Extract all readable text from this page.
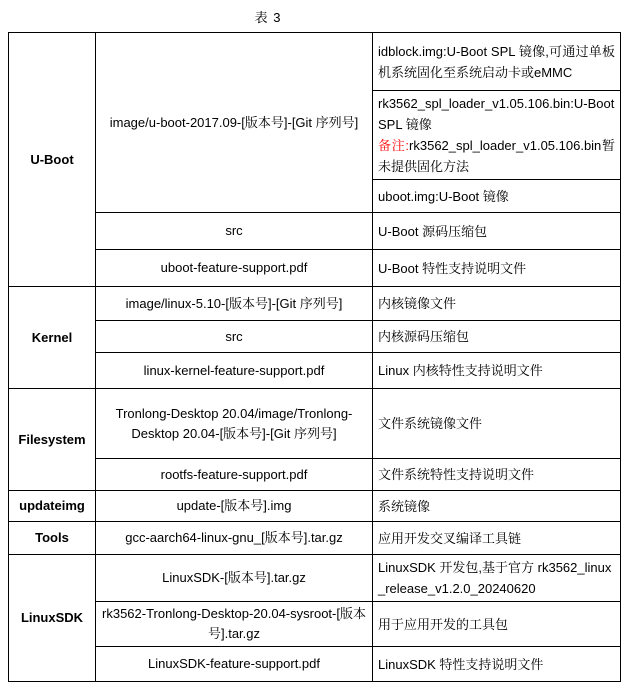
表 3
U-Boot	image/u-boot-2017.09-[版本号]-[Git 序列号]	idblock.img:U-Boot SPL 镜像,可通过单板机系统固化至系统启动卡或eMMC

		rk3562_spl_loader_v1.05.106.bin:U-Boot SPL 镜像
备注:rk3562_spl_loader_v1.05.106.bin暂未提供固化方法

		uboot.img:U-Boot 镜像
	src	U-Boot 源码压缩包
	uboot-feature-support.pdf	U-Boot 特性支持说明文件
Kernel	image/linux-5.10-[版本号]-[Git 序列号]	内核镜像文件
	src	内核源码压缩包
	linux-kernel-feature-support.pdf	Linux 内核特性支持说明文件
Filesystem	Tronlong-Desktop 20.04/image/Tronlong-Desktop 20.04-[版本号]-[Git 序列号]	文件系统镜像文件
	rootfs-feature-support.pdf	文件系统特性支持说明文件
updateimg	update-[版本号].img	系统镜像
Tools	gcc-aarch64-linux-gnu_[版本号].tar.gz	应用开发交叉编译工具链
LinuxSDK	LinuxSDK-[版本号].tar.gz	LinuxSDK 开发包,基于官方 rk3562_linux_release_v1.2.0_20240620
	rk3562-Tronlong-Desktop-20.04-sysroot-[版本号].tar.gz	用于应用开发的工具包
	LinuxSDK-feature-support.pdf	LinuxSDK 特性支持说明文件
